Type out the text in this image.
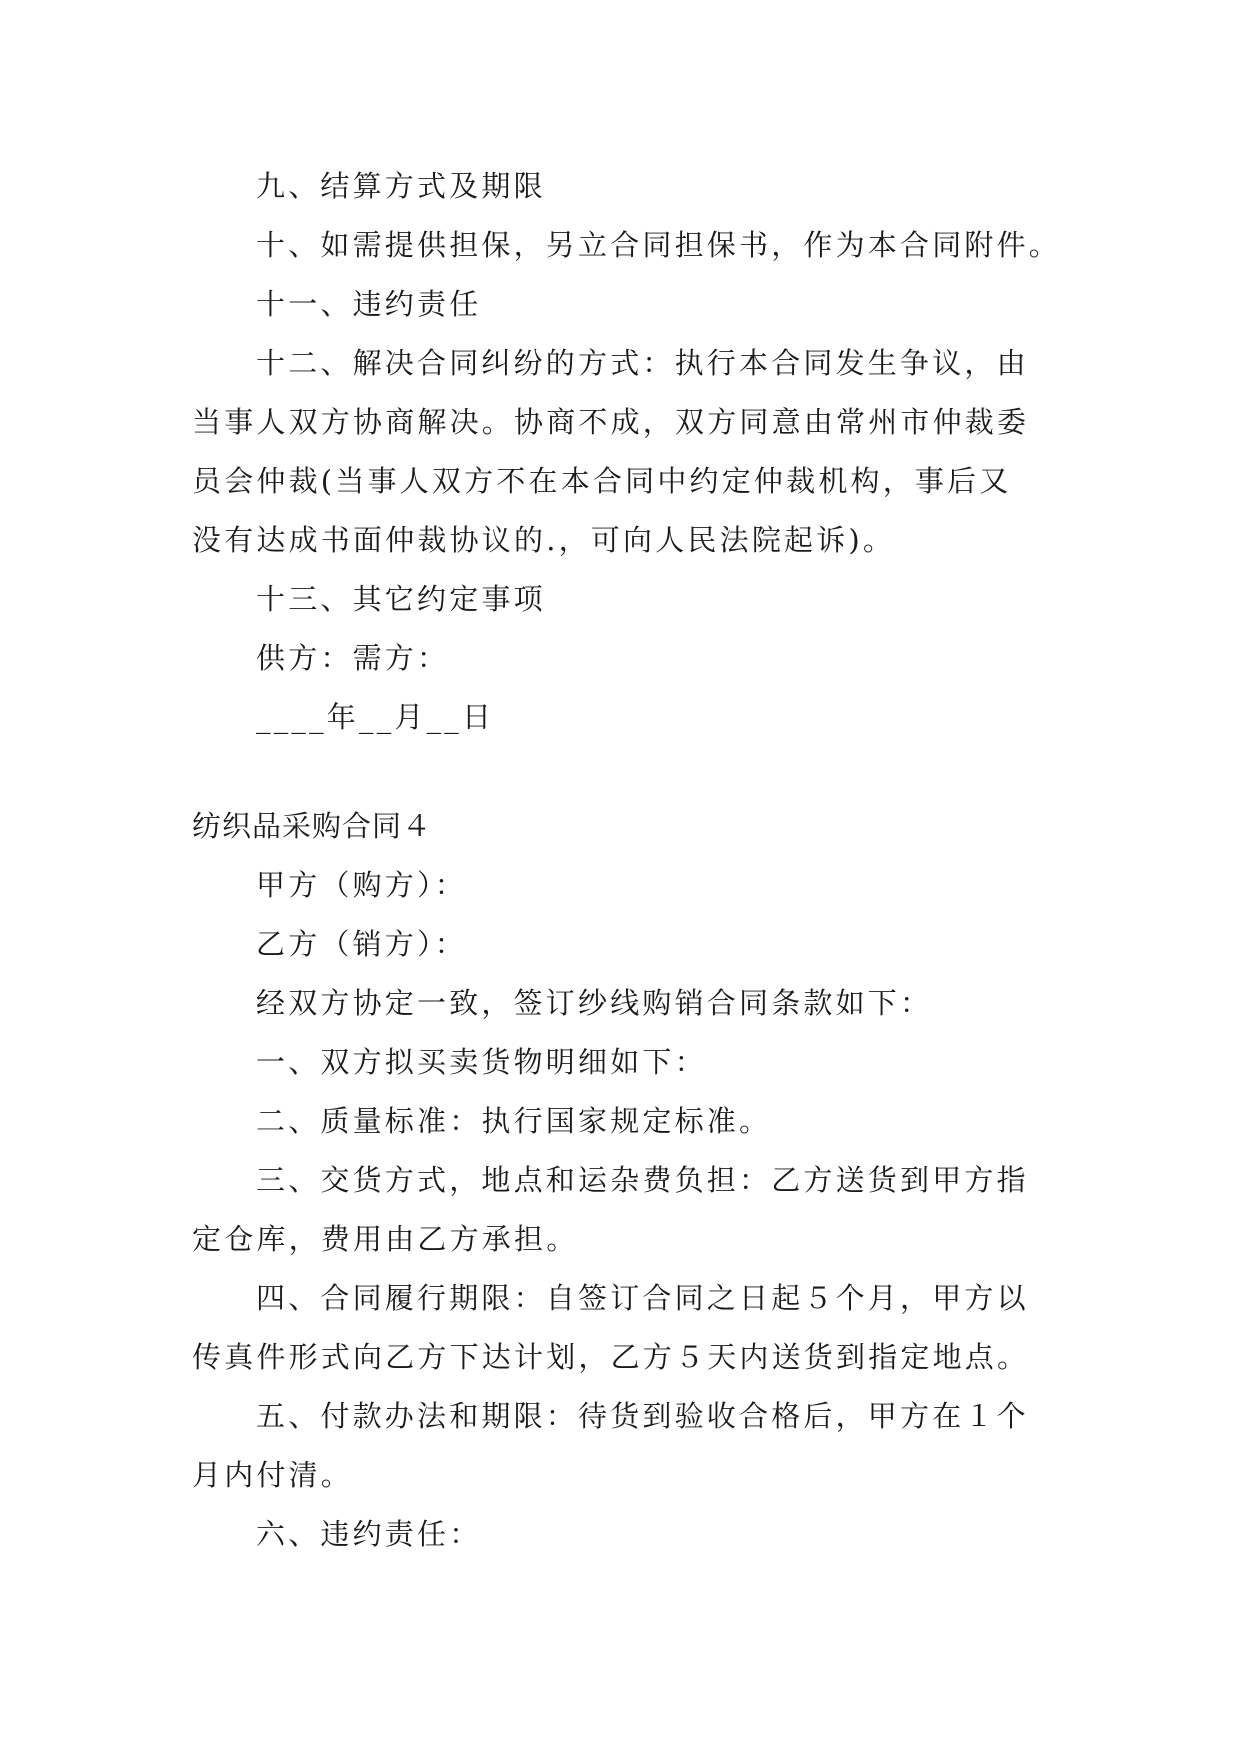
九、结算方式及期限
十、如需提供担保，另立合同担保书，作为本合同附件。
十一、违约责任
十二、解决合同纠纷的方式：执行本合同发生争议，由
当事人双方协商解决。协商不成，双方同意由常州市仲裁委
员会仲裁(当事人双方不在本合同中约定仲裁机构，事后又
没有达成书面仲裁协议的.，可向人民法院起诉)。
十三、其它约定事项
供方：需方：
____年__月__日
纺织品采购合同４
甲方（购方）：
乙方（销方）：
经双方协定一致，签订纱线购销合同条款如下：
一、双方拟买卖货物明细如下：
二、质量标准：执行国家规定标准。
三、交货方式，地点和运杂费负担：乙方送货到甲方指
定仓库，费用由乙方承担。
四、合同履行期限：自签订合同之日起５个月，甲方以
传真件形式向乙方下达计划，乙方５天内送货到指定地点。
五、付款办法和期限：待货到验收合格后，甲方在１个
月内付清。
六、违约责任：
